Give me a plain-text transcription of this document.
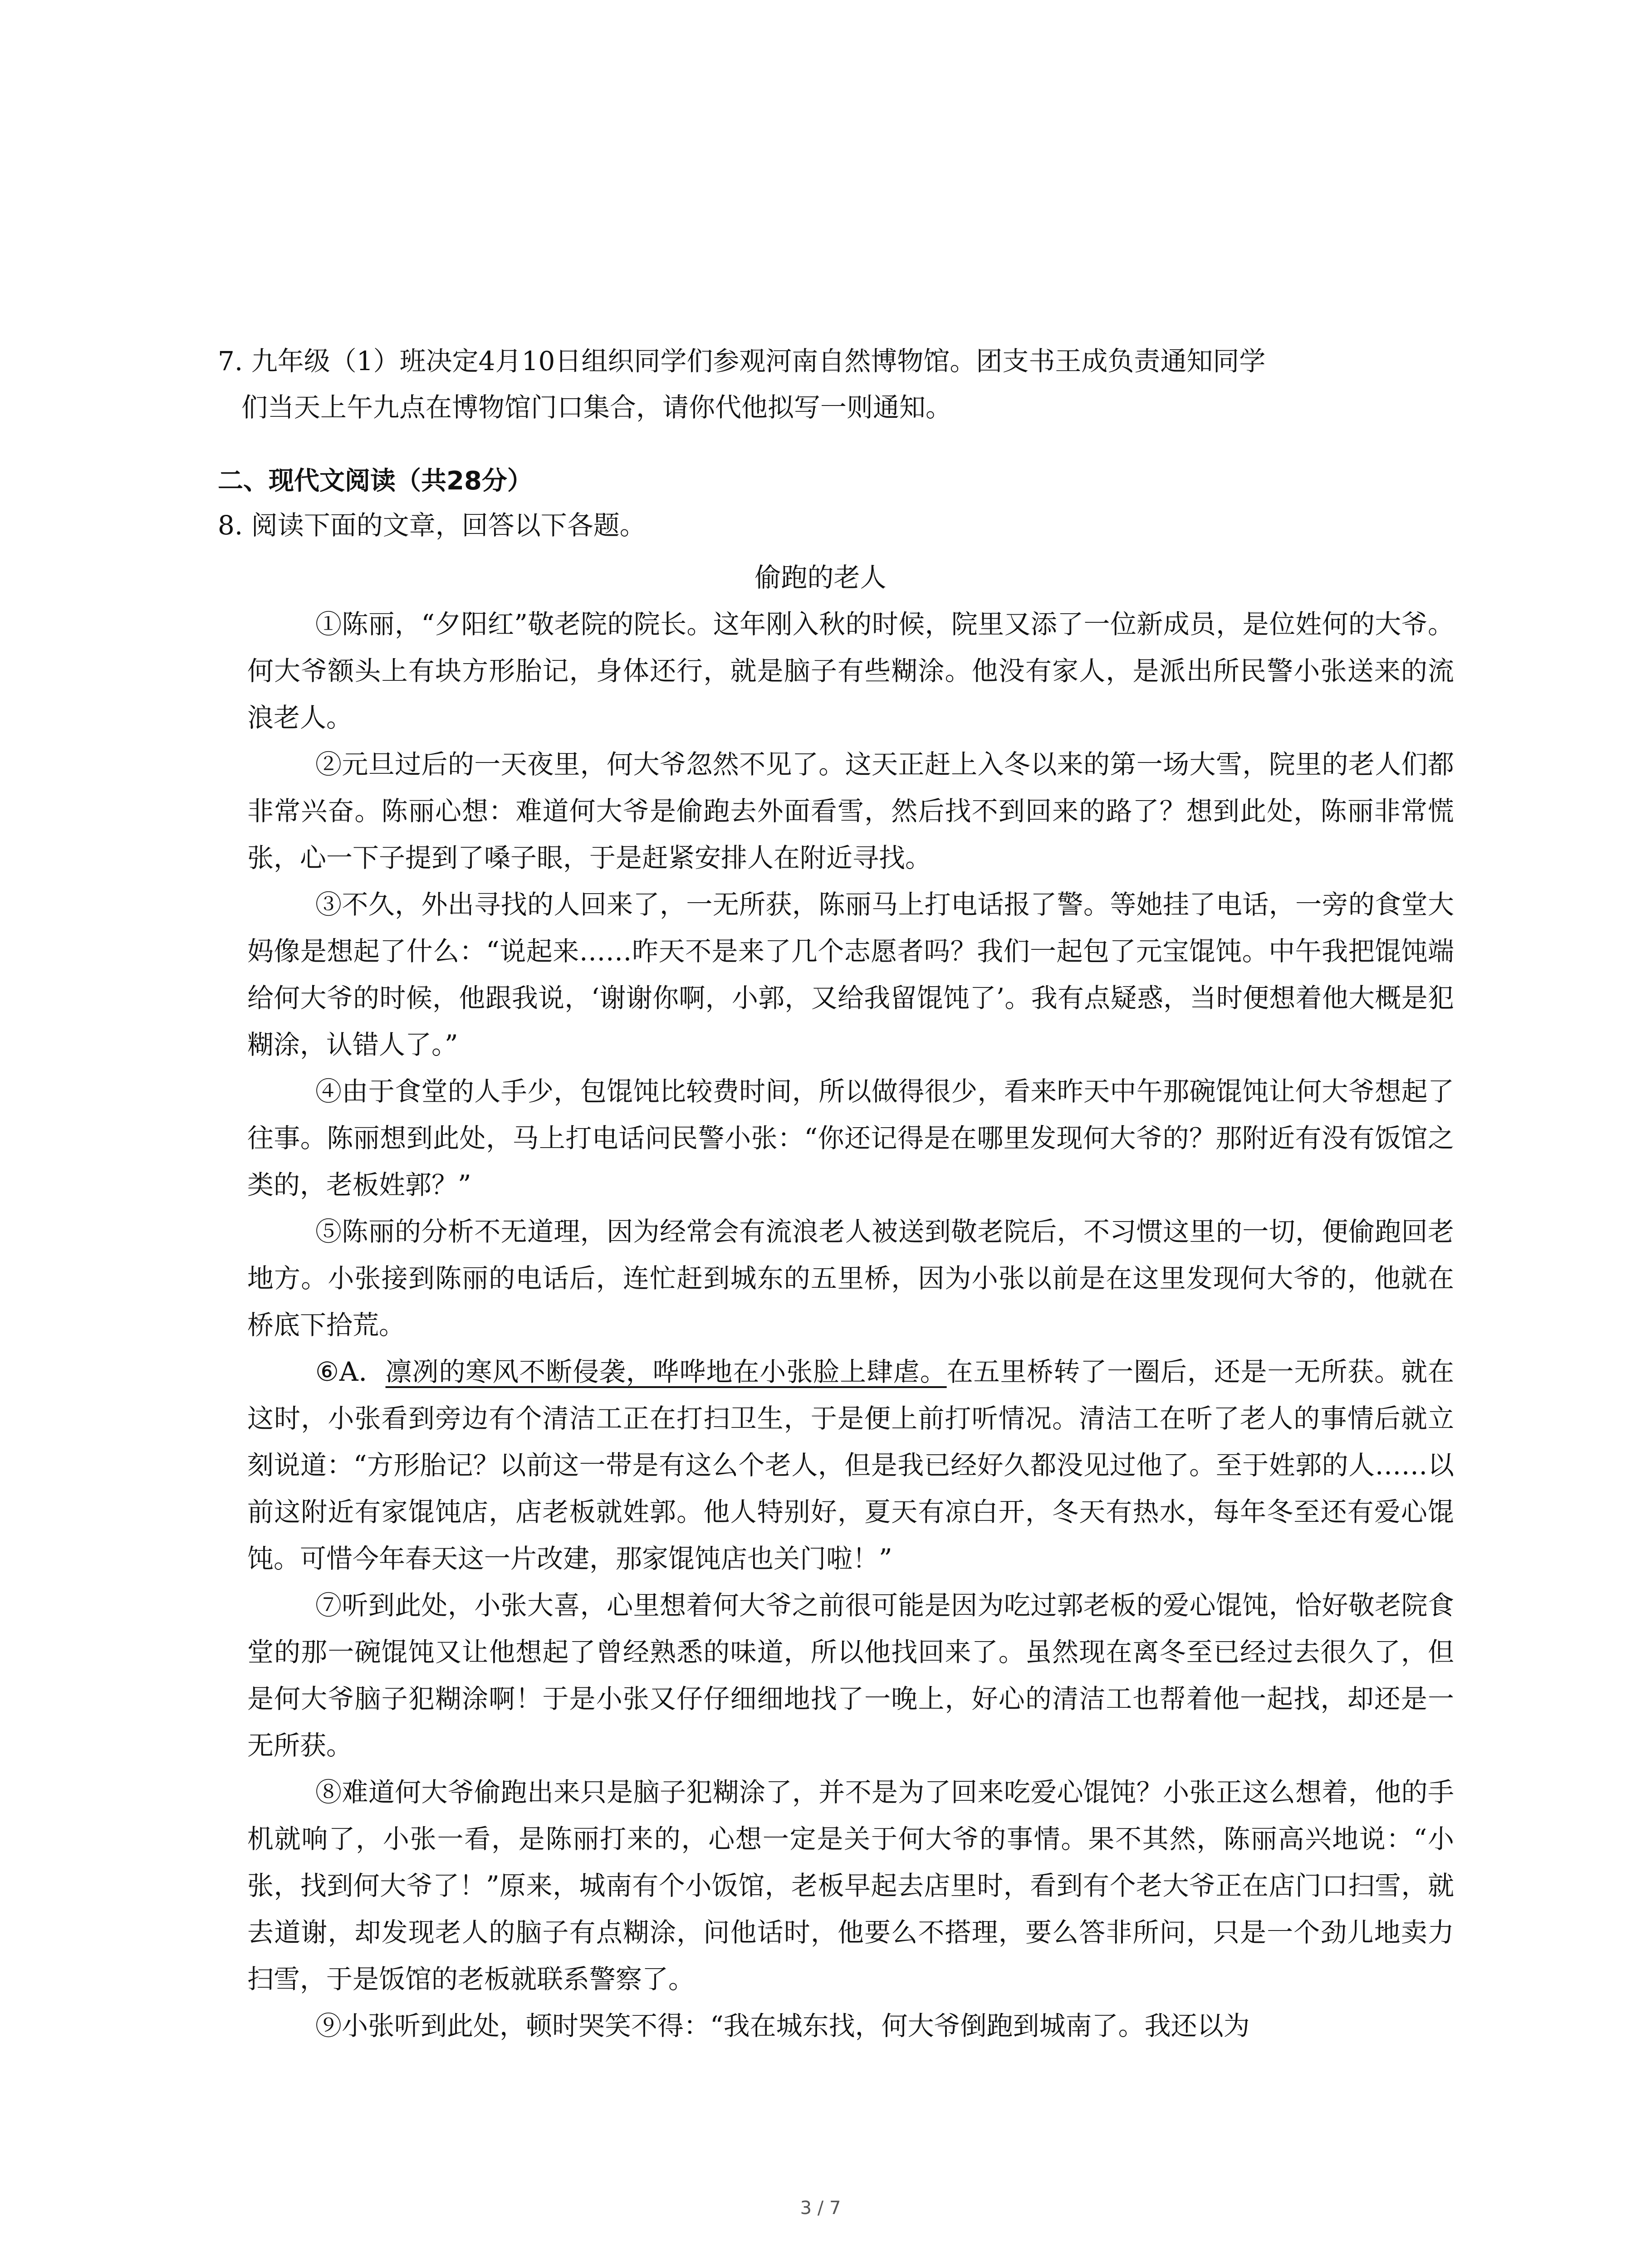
7. 九年级（1）班决定4月10日组织同学们参观河南自然博物馆。团支书王成负责通知同学
们当天上午九点在博物馆门口集合，请你代他拟写一则通知。
二、现代文阅读（共28分）
8. 阅读下面的文章，回答以下各题。
偷跑的老人

①陈丽，“夕阳红”敬老院的院长。这年刚入秋的时候，院里又添了一位新成员，是位姓何的大爷。何大爷额头上有块方形胎记，身体还行，就是脑子有些糊涂。他没有家人，是派出所民警小张送来的流浪老人。

②元旦过后的一天夜里，何大爷忽然不见了。这天正赶上入冬以来的第一场大雪，院里的老人们都非常兴奋。陈丽心想：难道何大爷是偷跑去外面看雪，然后找不到回来的路了？想到此处，陈丽非常慌张，心一下子提到了嗓子眼，于是赶紧安排人在附近寻找。

③不久，外出寻找的人回来了，一无所获，陈丽马上打电话报了警。等她挂了电话，一旁的食堂大妈像是想起了什么：“说起来……昨天不是来了几个志愿者吗？我们一起包了元宝馄饨。中午我把馄饨端给何大爷的时候，他跟我说，‘谢谢你啊，小郭，又给我留馄饨了’。我有点疑惑，当时便想着他大概是犯糊涂，认错人了。”

④由于食堂的人手少，包馄饨比较费时间，所以做得很少，看来昨天中午那碗馄饨让何大爷想起了往事。陈丽想到此处，马上打电话问民警小张：“你还记得是在哪里发现何大爷的？那附近有没有饭馆之类的，老板姓郭？”

⑤陈丽的分析不无道理，因为经常会有流浪老人被送到敬老院后，不习惯这里的一切，便偷跑回老地方。小张接到陈丽的电话后，连忙赶到城东的五里桥，因为小张以前是在这里发现何大爷的，他就在桥底下拾荒。

⑥A．凛冽的寒风不断侵袭，哗哗地在小张脸上肆虐。在五里桥转了一圈后，还是一无所获。就在这时，小张看到旁边有个清洁工正在打扫卫生，于是便上前打听情况。清洁工在听了老人的事情后就立刻说道：“方形胎记？以前这一带是有这么个老人，但是我已经好久都没见过他了。至于姓郭的人……以前这附近有家馄饨店，店老板就姓郭。他人特别好，夏天有凉白开，冬天有热水，每年冬至还有爱心馄饨。可惜今年春天这一片改建，那家馄饨店也关门啦！”

⑦听到此处，小张大喜，心里想着何大爷之前很可能是因为吃过郭老板的爱心馄饨，恰好敬老院食堂的那一碗馄饨又让他想起了曾经熟悉的味道，所以他找回来了。虽然现在离冬至已经过去很久了，但是何大爷脑子犯糊涂啊！于是小张又仔仔细细地找了一晚上，好心的清洁工也帮着他一起找，却还是一无所获。

⑧难道何大爷偷跑出来只是脑子犯糊涂了，并不是为了回来吃爱心馄饨？小张正这么想着，他的手机就响了，小张一看，是陈丽打来的，心想一定是关于何大爷的事情。果不其然，陈丽高兴地说：“小张，找到何大爷了！”原来，城南有个小饭馆，老板早起去店里时，看到有个老大爷正在店门口扫雪，就去道谢，却发现老人的脑子有点糊涂，问他话时，他要么不搭理，要么答非所问，只是一个劲儿地卖力扫雪，于是饭馆的老板就联系警察了。

⑨小张听到此处，顿时哭笑不得：“我在城东找，何大爷倒跑到城南了。我还以为

3 / 7
